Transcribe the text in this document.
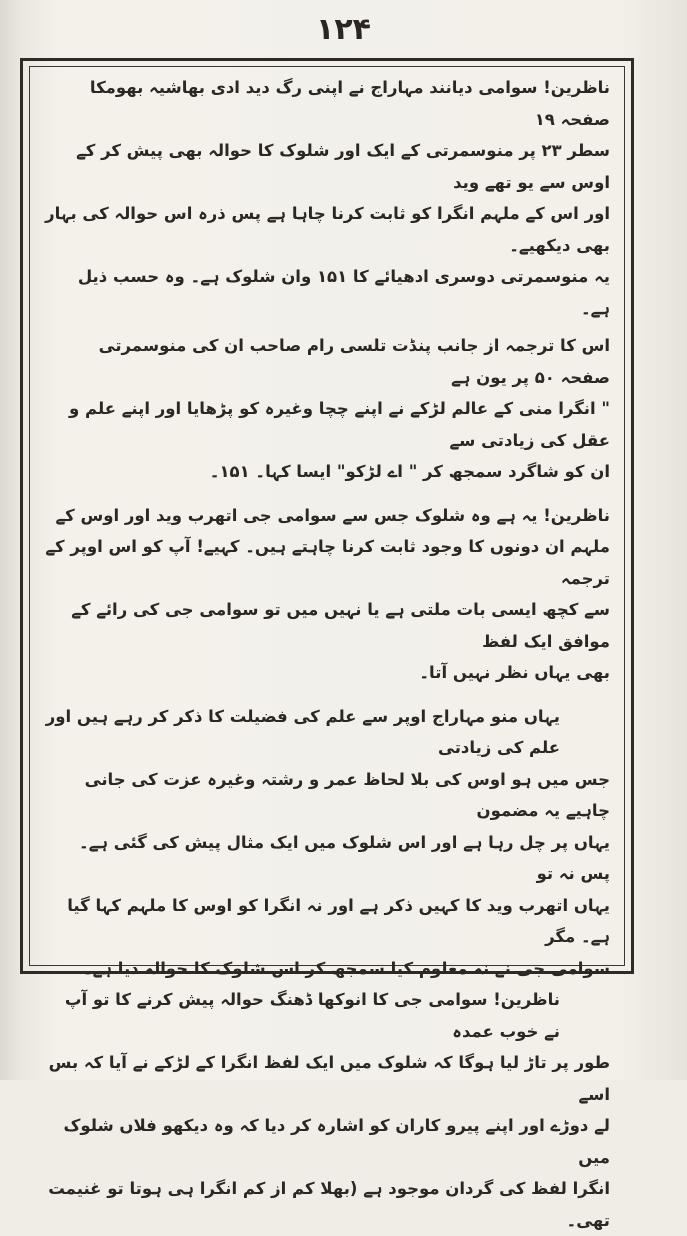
۱۲۴

ناظرین! سوامی دیانند مہاراج نے اپنی رگ دید ادی بھاشیہ بھومکا صفحہ ۱۹

سطر ۲۳ پر منوسمرتی کے ایک اور شلوک کا حوالہ بھی پیش کر کے اوس سے یو تھے وید

اور اس کے ملہم انگرا کو ثابت کرنا چاہا ہے پس ذرہ اس حوالہ کی بہار بھی دیکھیے۔

یہ منوسمرتی دوسری ادھیائے کا ۱۵۱ وان شلوک ہے۔ وہ حسب ذیل ہے۔

اس کا ترجمہ از جانب پنڈت تلسی رام صاحب ان کی منوسمرتی صفحہ ۵۰ پر یون ہے

" انگرا منی کے عالم لڑکے نے اپنے چچا وغیرہ کو پڑھایا اور اپنے علم و عقل کی زیادتی سے

ان کو شاگرد سمجھ کر " اے لڑکو" ایسا کہا۔ ۱۵۱۔

ناظرین! یہ ہے وہ شلوک جس سے سوامی جی اتھرب وید اور اوس کے

ملہم ان دونوں کا وجود ثابت کرنا چاہتے ہیں۔ کہیے! آپ کو اس اوپر کے ترجمہ

سے کچھ ایسی بات ملتی ہے یا نہیں میں تو سوامی جی کی رائے کے موافق ایک لفظ

بھی یہاں نظر نہیں آتا۔

یہاں منو مہاراج اوپر سے علم کی فضیلت کا ذکر کر رہے ہیں اور علم کی زیادتی

جس میں ہو اوس کی بلا لحاظ عمر و رشتہ وغیرہ عزت کی جانی چاہیے یہ مضمون

یہاں پر چل رہا ہے اور اس شلوک میں ایک مثال پیش کی گئی ہے۔ پس نہ تو

یہاں اتھرب وید کا کہیں ذکر ہے اور نہ انگرا کو اوس کا ملہم کہا گیا ہے۔ مگر

سوامی جی نے نہ معلوم کیا سمجھ کر اس شلوک کا حوالہ دیا ہے۔

ناظرین! سوامی جی کا انوکھا ڈھنگ حوالہ پیش کرنے کا تو آپ نے خوب عمدہ

طور پر تاڑ لیا ہوگا کہ شلوک میں ایک لفظ انگرا کے لڑکے نے آیا کہ بس اسے

لے دوڑے اور اپنے پیرو کاران کو اشارہ کر دیا کہ وہ دیکھو فلاں شلوک میں

انگرا لفظ کی گردان موجود ہے (بھلا کم از کم انگرا ہی ہوتا تو غنیمت تھی۔
